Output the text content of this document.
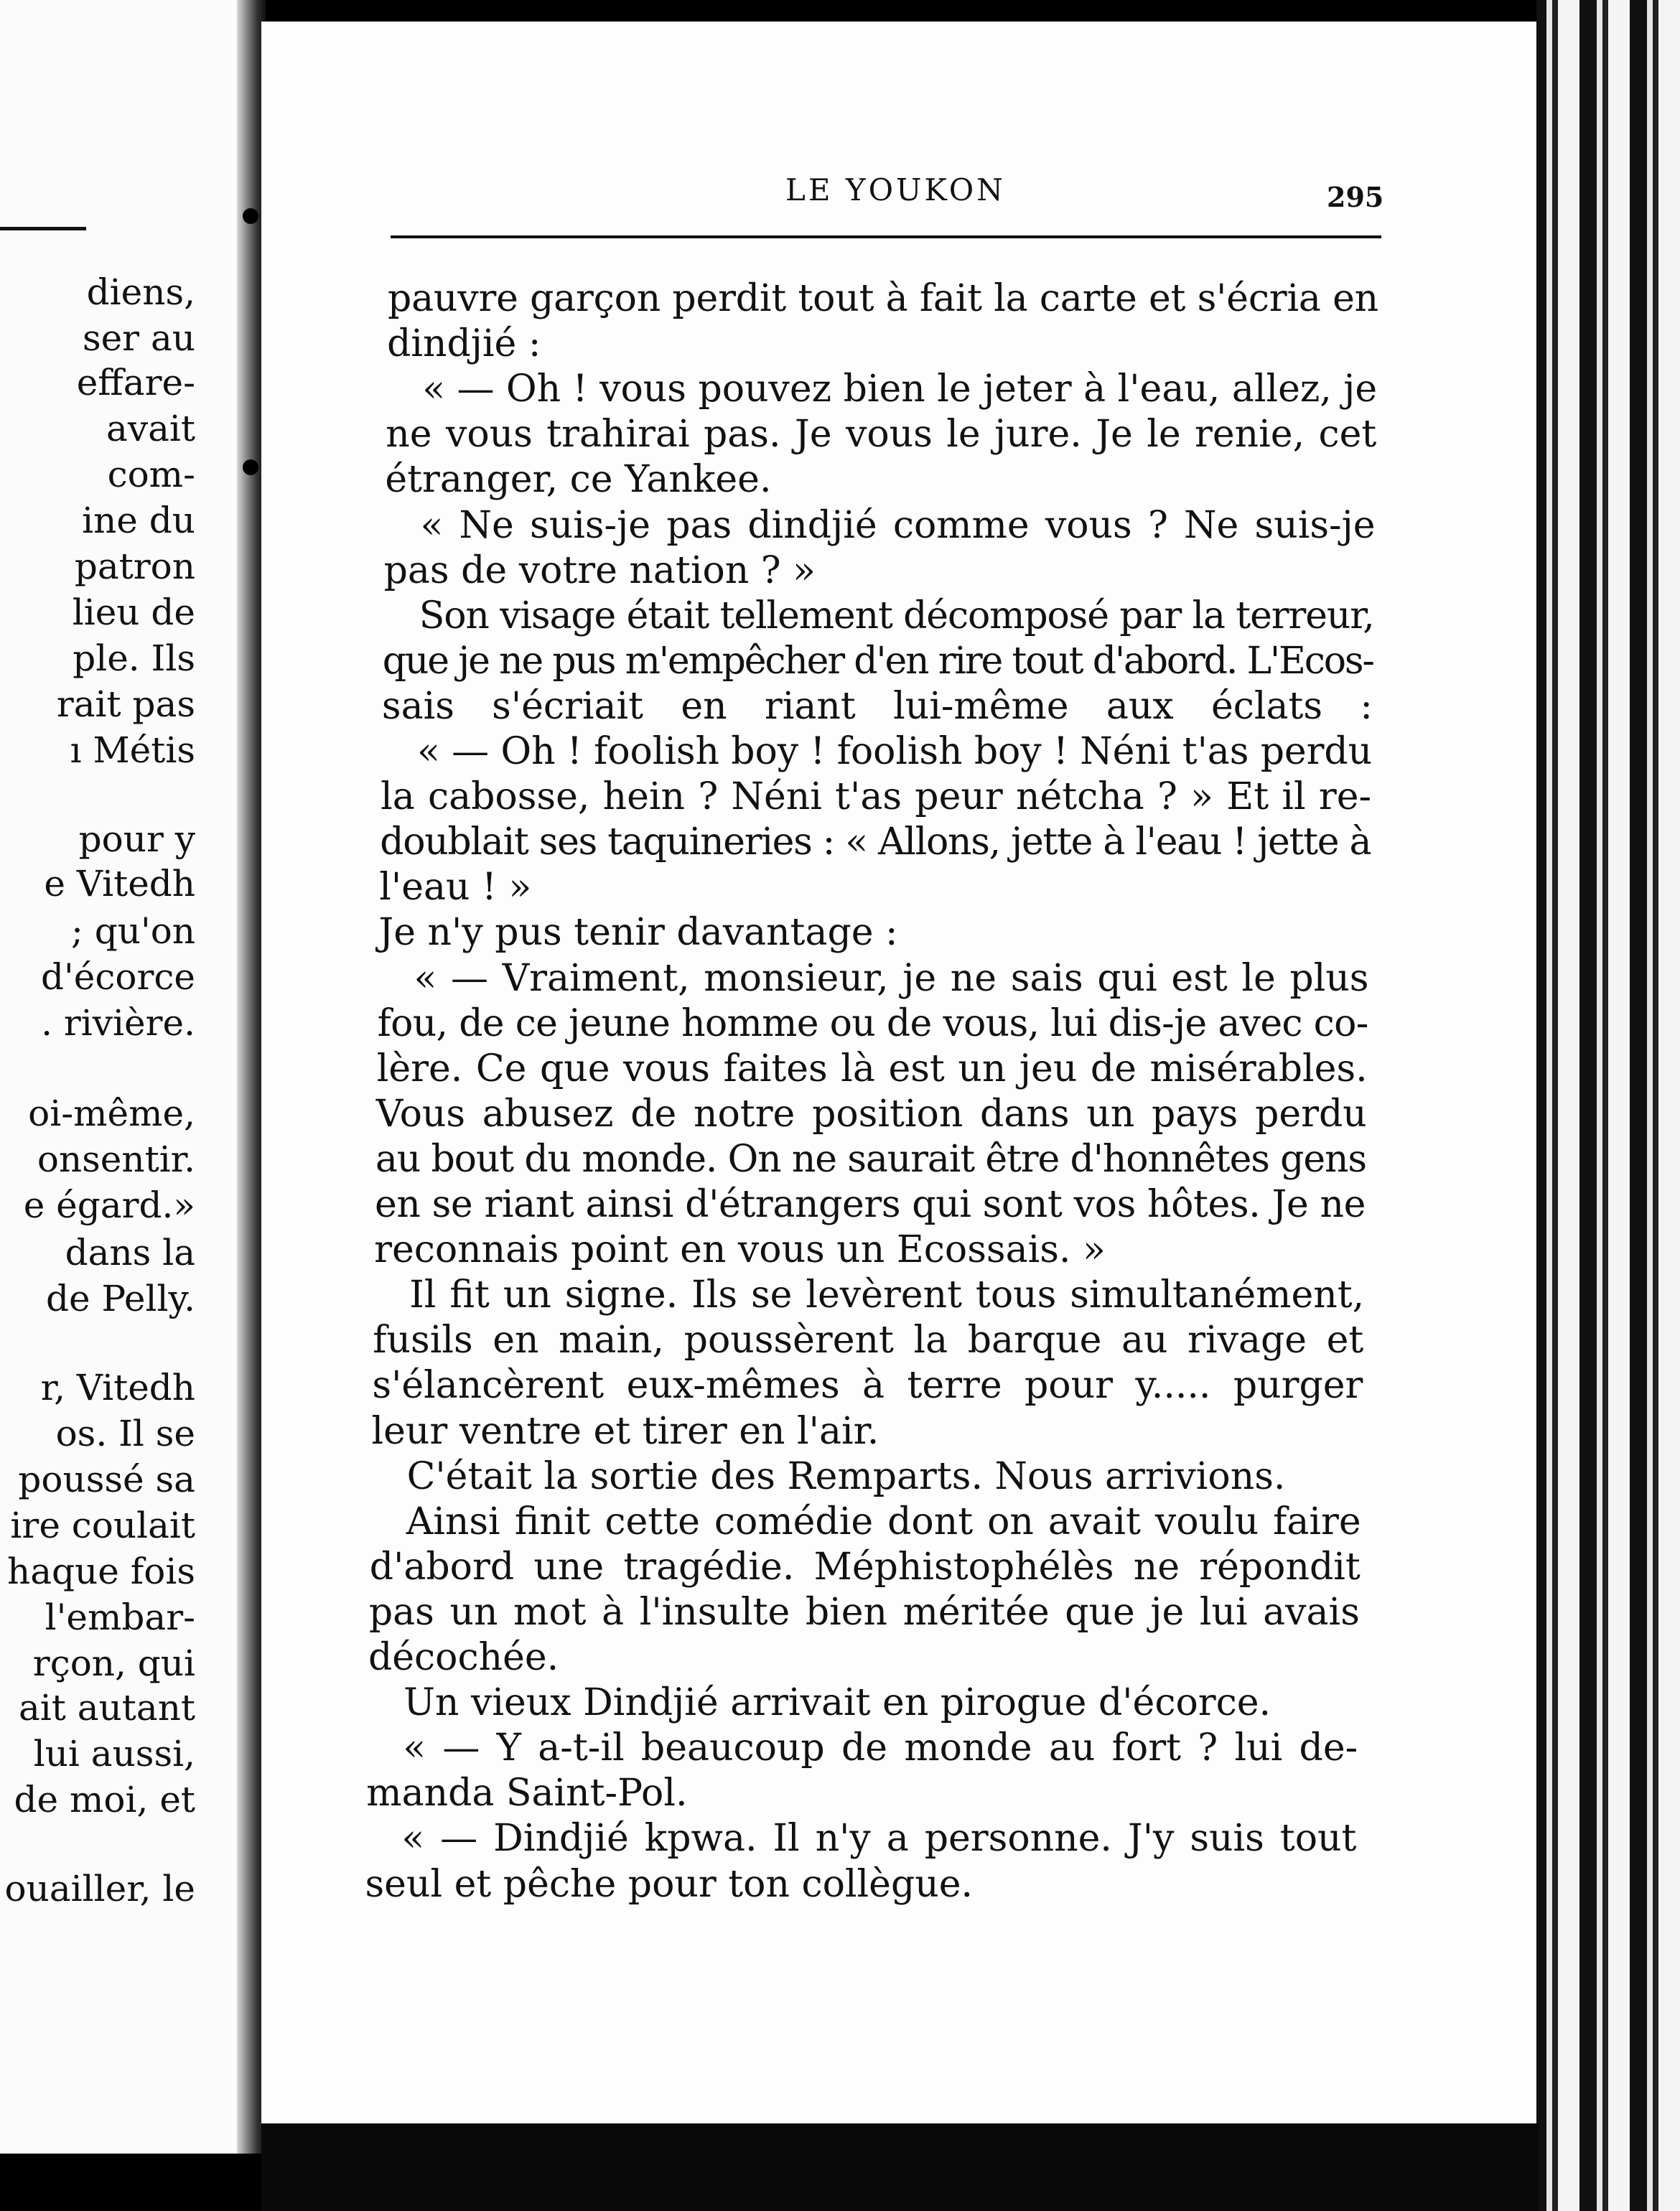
diens,
ser au
effare-
avait
com-
ine du
patron
lieu de
ple. Ils
rait pas
ı Métis
pour y
e Vitedh
; qu'on
d'écorce
. rivière.
oi-même,
onsentir.
e égard.»
dans la
de Pelly.
r, Vitedh
os. Il se
poussé sa
ire coulait
haque fois
l'embar-
rçon, qui
ait autant
lui aussi,
de moi, et
ouailler, le
LE YOUKON	295
pauvre garçon perdit tout à fait la carte et s'écria en
dindjié :
« — Oh ! vous pouvez bien le jeter à l'eau, allez, je
ne vous trahirai pas. Je vous le jure. Je le renie, cet
étranger, ce Yankee.
« Ne suis-je pas dindjié comme vous ? Ne suis-je
pas de votre nation ? »
Son visage était tellement décomposé par la terreur,
que je ne pus m'empêcher d'en rire tout d'abord. L'Ecos-
sais s'écriait en riant lui-même aux éclats :
« — Oh ! foolish boy ! foolish boy ! Néni t'as perdu
la cabosse, hein ? Néni t'as peur nétcha ? » Et il re-
doublait ses taquineries : « Allons, jette à l'eau ! jette à
l'eau ! »
Je n'y pus tenir davantage :
« — Vraiment, monsieur, je ne sais qui est le plus
fou, de ce jeune homme ou de vous, lui dis-je avec co-
lère. Ce que vous faites là est un jeu de misérables.
Vous abusez de notre position dans un pays perdu
au bout du monde. On ne saurait être d'honnêtes gens
en se riant ainsi d'étrangers qui sont vos hôtes. Je ne
reconnais point en vous un Ecossais. »
Il fit un signe. Ils se levèrent tous simultanément,
fusils en main, poussèrent la barque au rivage et
s'élancèrent eux-mêmes à terre pour y..... purger
leur ventre et tirer en l'air.
C'était la sortie des Remparts. Nous arrivions.
Ainsi finit cette comédie dont on avait voulu faire
d'abord une tragédie. Méphistophélès ne répondit
pas un mot à l'insulte bien méritée que je lui avais
décochée.
Un vieux Dindjié arrivait en pirogue d'écorce.
« — Y a-t-il beaucoup de monde au fort ? lui de-
manda Saint-Pol.
« — Dindjié kpwa. Il n'y a personne. J'y suis tout
seul et pêche pour ton collègue.
